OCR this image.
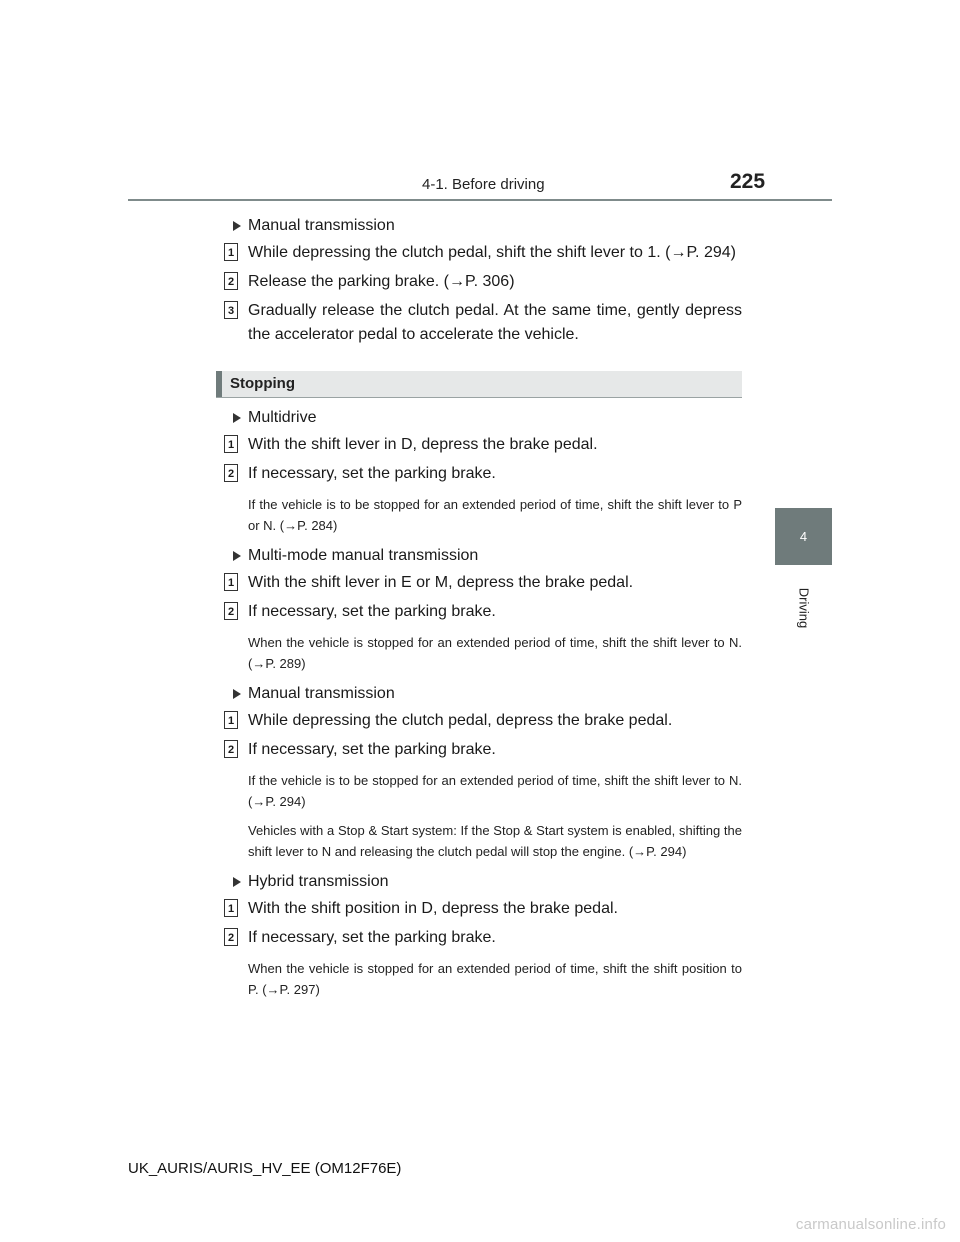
4-1. Before driving	225
4
Driving
Manual transmission
1 While depressing the clutch pedal, shift the shift lever to 1. (→P. 294)
2 Release the parking brake. (→P. 306)
3 Gradually release the clutch pedal. At the same time, gently depress the accelerator pedal to accelerate the vehicle.
Stopping
Multidrive
1 With the shift lever in D, depress the brake pedal.
2 If necessary, set the parking brake.
If the vehicle is to be stopped for an extended period of time, shift the shift lever to P or N. (→P. 284)
Multi-mode manual transmission
1 With the shift lever in E or M, depress the brake pedal.
2 If necessary, set the parking brake.
When the vehicle is stopped for an extended period of time, shift the shift lever to N. (→P. 289)
Manual transmission
1 While depressing the clutch pedal, depress the brake pedal.
2 If necessary, set the parking brake.
If the vehicle is to be stopped for an extended period of time, shift the shift lever to N. (→P. 294)
Vehicles with a Stop & Start system: If the Stop & Start system is enabled, shifting the shift lever to N and releasing the clutch pedal will stop the engine. (→P. 294)
Hybrid transmission
1 With the shift position in D, depress the brake pedal.
2 If necessary, set the parking brake.
When the vehicle is stopped for an extended period of time, shift the shift position to P. (→P. 297)
UK_AURIS/AURIS_HV_EE (OM12F76E)
carmanualsonline.info
